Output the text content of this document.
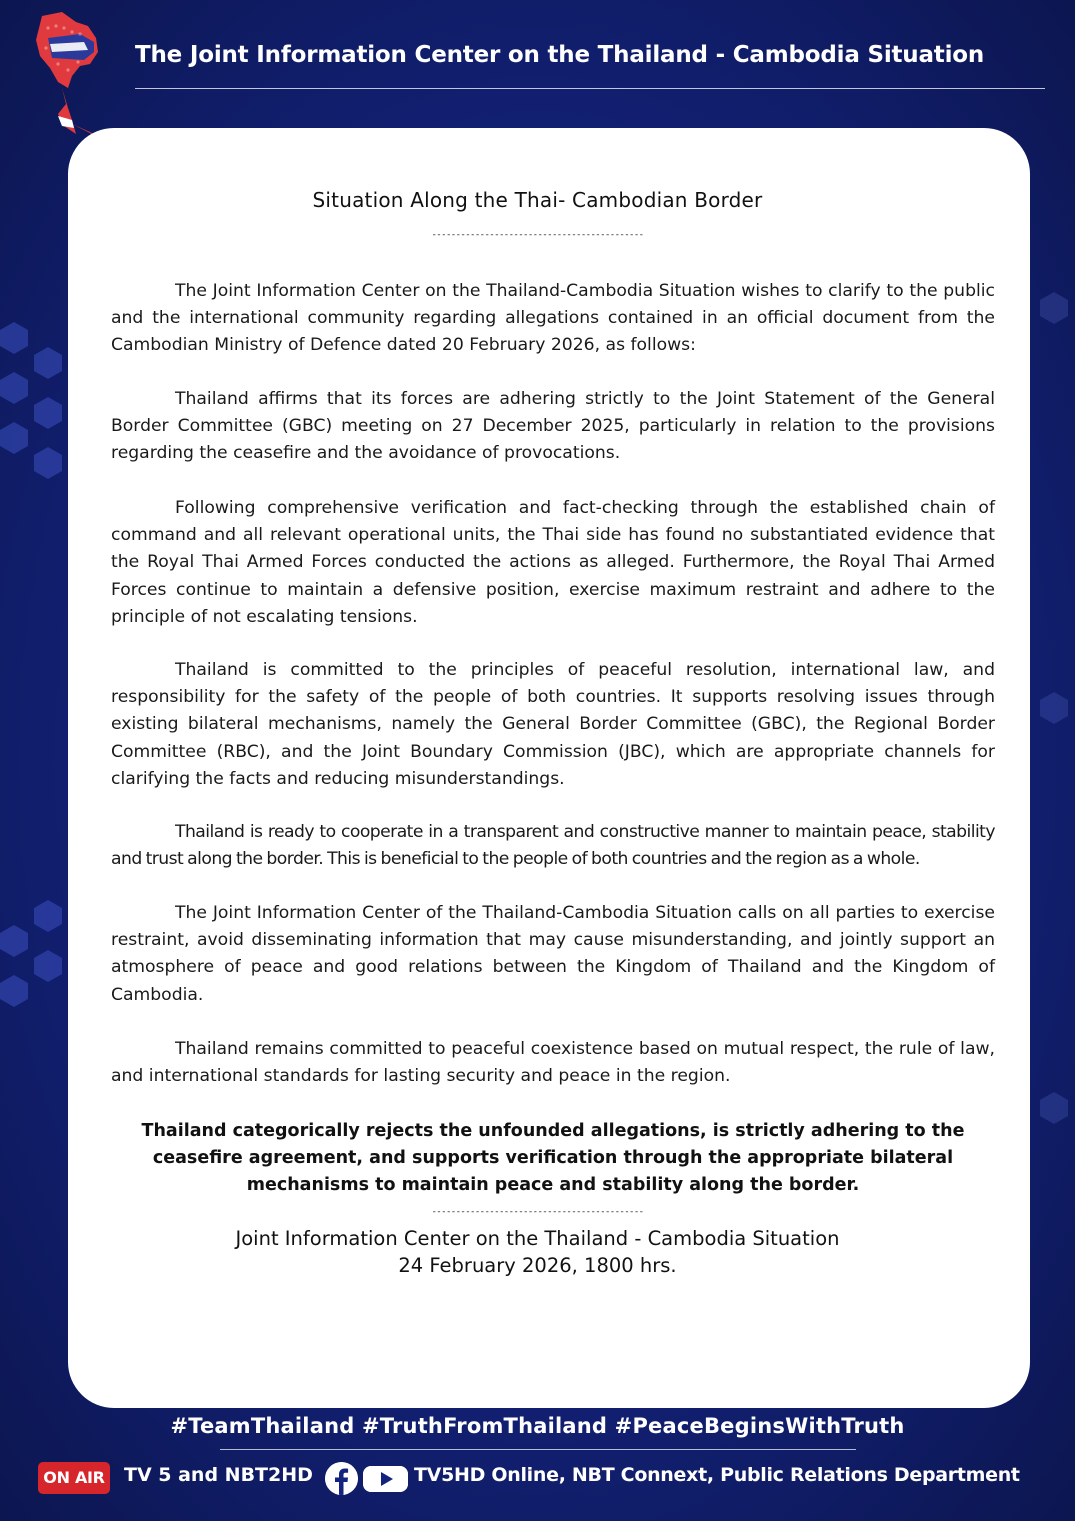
The Joint Information Center on the Thailand - Cambodia Situation
Situation Along the Thai- Cambodian Border
--------------------------------------------

The Joint Information Center on the Thailand-Cambodia Situation wishes to clarify to the public and the international community regarding allegations contained in an official document from the Cambodian Ministry of Defence dated 20 February 2026, as follows:

Thailand affirms that its forces are adhering strictly to the Joint Statement of the General Border Committee (GBC) meeting on 27 December 2025, particularly in relation to the provisions regarding the ceasefire and the avoidance of provocations.

Following comprehensive verification and fact-checking through the established chain of command and all relevant operational units, the Thai side has found no substantiated evidence that the Royal Thai Armed Forces conducted the actions as alleged. Furthermore, the Royal Thai Armed Forces continue to maintain a defensive position, exercise maximum restraint and adhere to the principle of not escalating tensions.

Thailand is committed to the principles of peaceful resolution, international law, and responsibility for the safety of the people of both countries. It supports resolving issues through existing bilateral mechanisms, namely the General Border Committee (GBC), the Regional Border Committee (RBC), and the Joint Boundary Commission (JBC), which are appropriate channels for clarifying the facts and reducing misunderstandings.

Thailand is ready to cooperate in a transparent and constructive manner to maintain peace, stability and trust along the border. This is beneficial to the people of both countries and the region as a whole.

The Joint Information Center of the Thailand-Cambodia Situation calls on all parties to exercise restraint, avoid disseminating information that may cause misunderstanding, and jointly support an atmosphere of peace and good relations between the Kingdom of Thailand and the Kingdom of Cambodia.

Thailand remains committed to peaceful coexistence based on mutual respect, the rule of law, and international standards for lasting security and peace in the region.

Thailand categorically rejects the unfounded allegations, is strictly adhering to the ceasefire agreement, and supports verification through the appropriate bilateral mechanisms to maintain peace and stability along the border.
--------------------------------------------
Joint Information Center on the Thailand - Cambodia Situation
24 February 2026, 1800 hrs.
#TeamThailand #TruthFromThailand #PeaceBeginsWithTruth
ON AIR TV 5 and NBT2HD	TV5HD Online, NBT Connext, Public Relations Department
